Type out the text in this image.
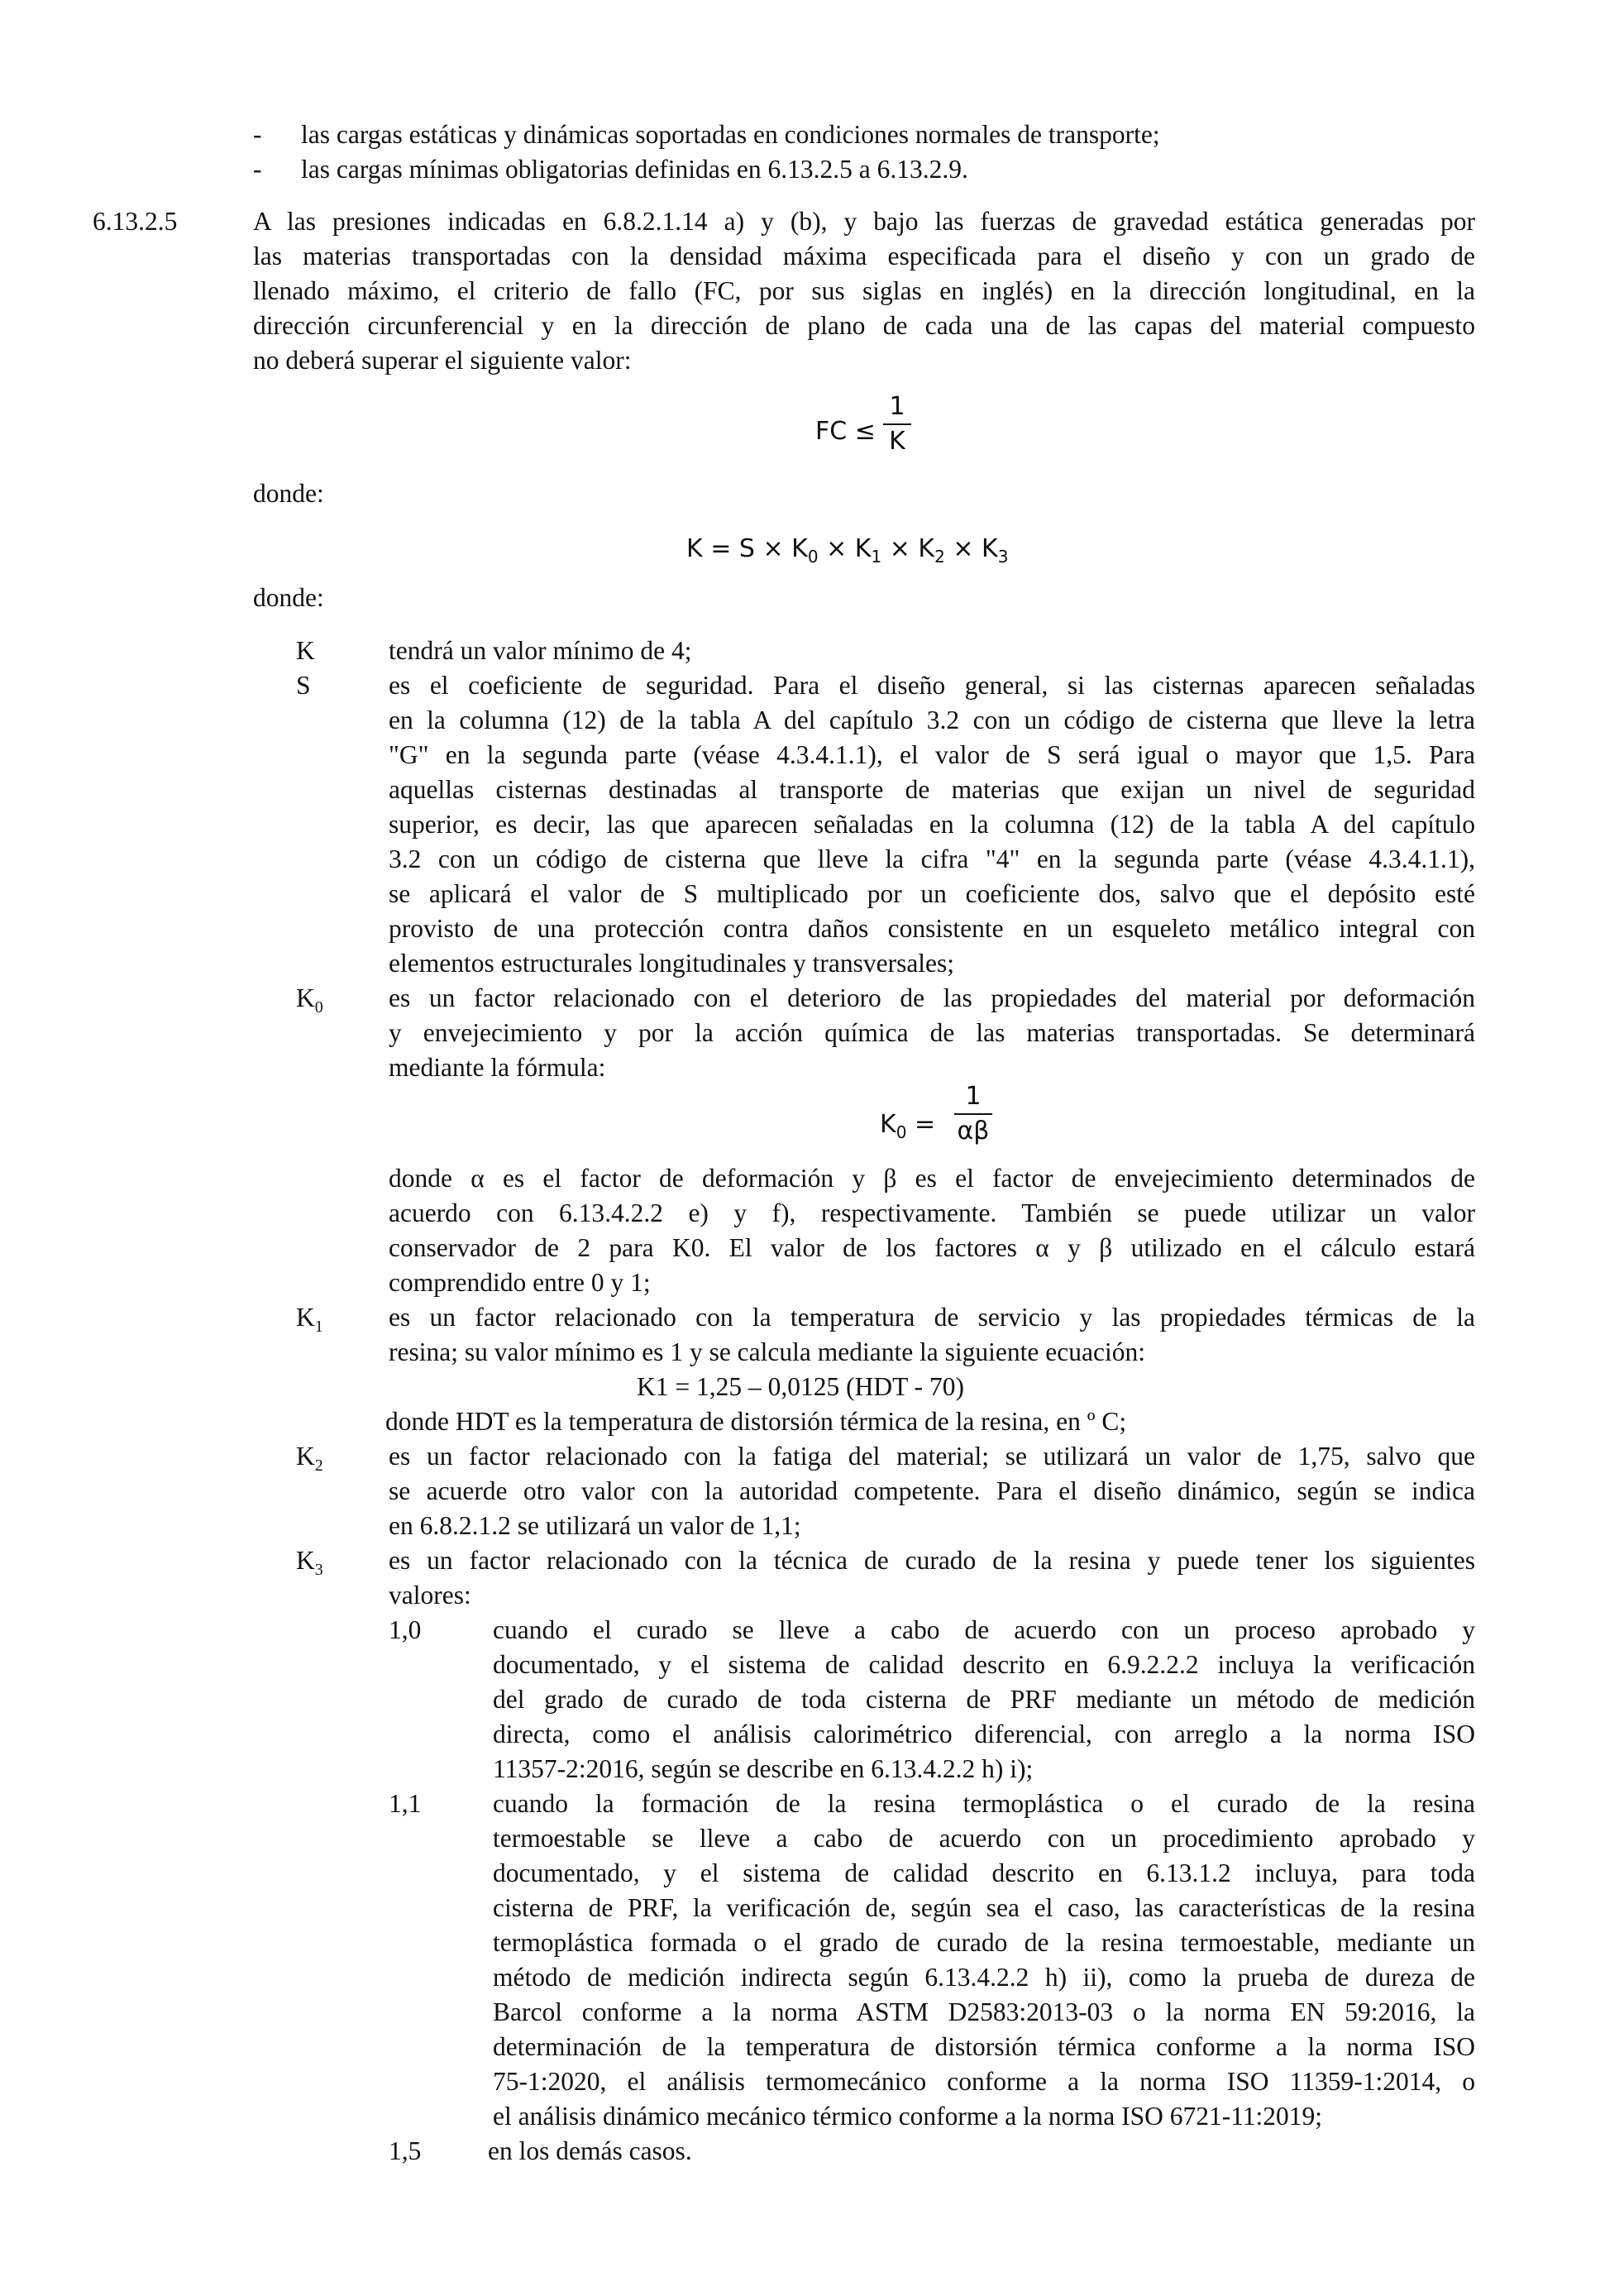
- las cargas estáticas y dinámicas soportadas en condiciones normales de transporte;
- las cargas mínimas obligatorias definidas en 6.13.2.5 a 6.13.2.9.
6.13.2.5	A las presiones indicadas en 6.8.2.1.14 a) y (b), y bajo las fuerzas de gravedad estática generadas por
las materias transportadas con la densidad máxima especificada para el diseño y con un grado de
llenado máximo, el criterio de fallo (FC, por sus siglas en inglés) en la dirección longitudinal, en la
dirección circunferencial y en la dirección de plano de cada una de las capas del material compuesto
no deberá superar el siguiente valor:
FC ≤
1
K
donde:
$K = S \times K_0 \times K_1 \times K_2 \times K_3$
donde:
K	tendrá un valor mínimo de 4;
S	es el coeficiente de seguridad. Para el diseño general, si las cisternas aparecen señaladas
en la columna (12) de la tabla A del capítulo 3.2 con un código de cisterna que lleve la letra
"G" en la segunda parte (véase 4.3.4.1.1), el valor de S será igual o mayor que 1,5. Para
aquellas cisternas destinadas al transporte de materias que exijan un nivel de seguridad
superior, es decir, las que aparecen señaladas en la columna (12) de la tabla A del capítulo
3.2 con un código de cisterna que lleve la cifra "4" en la segunda parte (véase 4.3.4.1.1),
se aplicará el valor de S multiplicado por un coeficiente dos, salvo que el depósito esté
provisto de una protección contra daños consistente en un esqueleto metálico integral con
elementos estructurales longitudinales y transversales;
$K_0$	es un factor relacionado con el deterioro de las propiedades del material por deformación
y envejecimiento y por la acción química de las materias transportadas. Se determinará
mediante la fórmula:
$K_0$ =
1
αβ
donde α es el factor de deformación y β es el factor de envejecimiento determinados de
acuerdo con 6.13.4.2.2 e) y f), respectivamente. También se puede utilizar un valor
conservador de 2 para K0. El valor de los factores α y β utilizado en el cálculo estará
comprendido entre 0 y 1;
$K_1$	es un factor relacionado con la temperatura de servicio y las propiedades térmicas de la
resina; su valor mínimo es 1 y se calcula mediante la siguiente ecuación:
K1 = 1,25 – 0,0125 (HDT - 70)
donde HDT es la temperatura de distorsión térmica de la resina, en º C;
$K_2$	es un factor relacionado con la fatiga del material; se utilizará un valor de 1,75, salvo que
se acuerde otro valor con la autoridad competente. Para el diseño dinámico, según se indica
en 6.8.2.1.2 se utilizará un valor de 1,1;
$K_3$	es un factor relacionado con la técnica de curado de la resina y puede tener los siguientes
valores:
1,0	cuando el curado se lleve a cabo de acuerdo con un proceso aprobado y
documentado, y el sistema de calidad descrito en 6.9.2.2.2 incluya la verificación
del grado de curado de toda cisterna de PRF mediante un método de medición
directa, como el análisis calorimétrico diferencial, con arreglo a la norma ISO
11357-2:2016, según se describe en 6.13.4.2.2 h) i);
1,1	cuando la formación de la resina termoplástica o el curado de la resina
termoestable se lleve a cabo de acuerdo con un procedimiento aprobado y
documentado, y el sistema de calidad descrito en 6.13.1.2 incluya, para toda
cisterna de PRF, la verificación de, según sea el caso, las características de la resina
termoplástica formada o el grado de curado de la resina termoestable, mediante un
método de medición indirecta según 6.13.4.2.2 h) ii), como la prueba de dureza de
Barcol conforme a la norma ASTM D2583:2013-03 o la norma EN 59:2016, la
determinación de la temperatura de distorsión térmica conforme a la norma ISO
75-1:2020, el análisis termomecánico conforme a la norma ISO 11359-1:2014, o
el análisis dinámico mecánico térmico conforme a la norma ISO 6721-11:2019;
1,5	en los demás casos.
